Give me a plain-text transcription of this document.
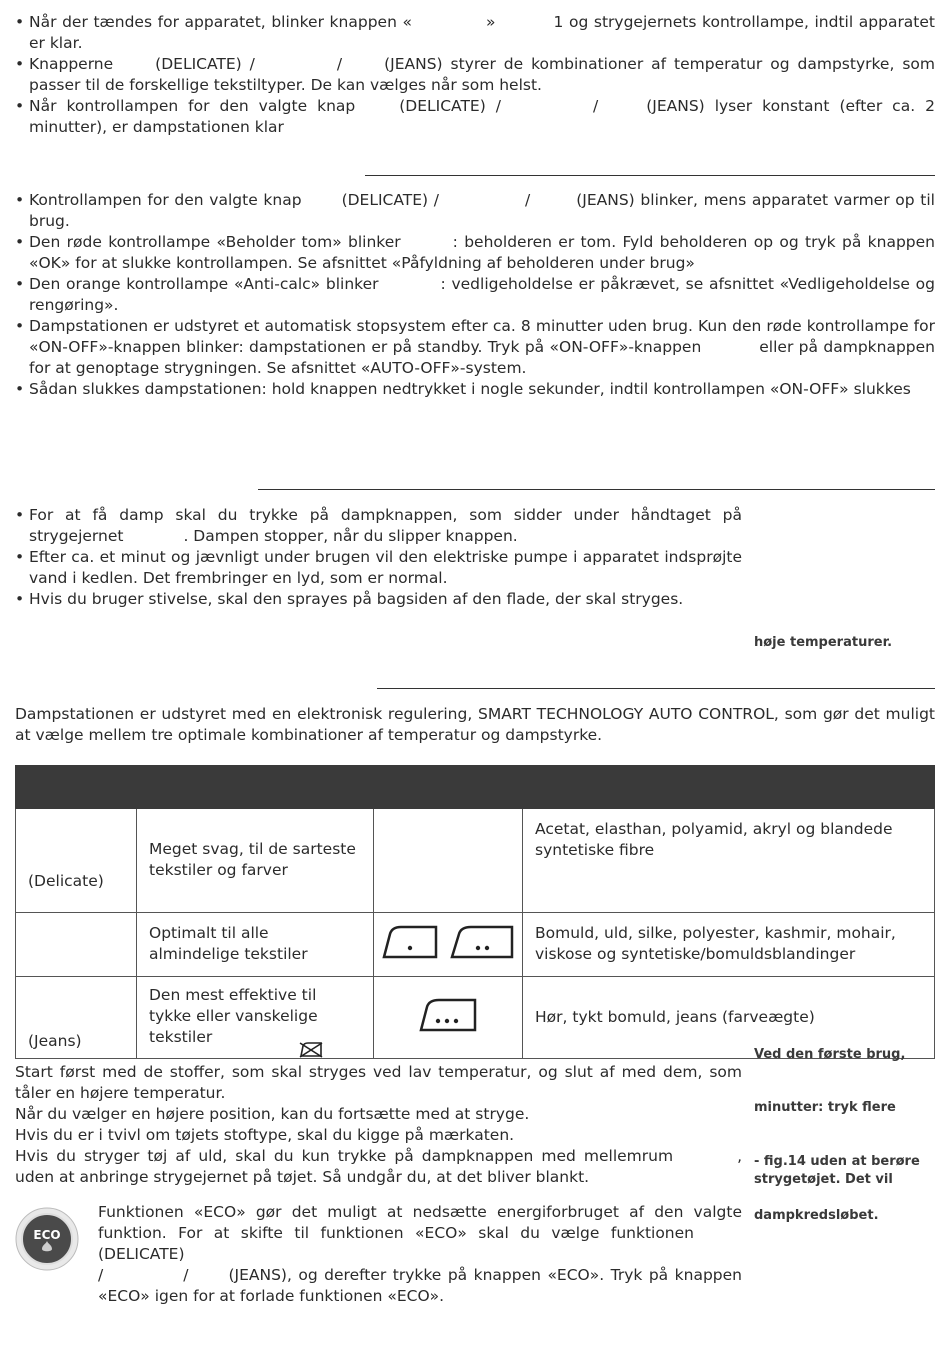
• Når der tændes for apparatet, blinker knappen «	»	1 og strygejernets kontrollampe, indtil apparatet er klar.
• Knapperne	(DELICATE) /	/	(JEANS) styrer de kombinationer af temperatur og dampstyrke, som passer til de forskellige tekstiltyper. De kan vælges når som helst.
• Når kontrollampen for den valgte knap	(DELICATE) /	/	(JEANS) lyser konstant (efter ca. 2 minutter), er dampstationen klar
• Kontrollampen for den valgte knap	(DELICATE) /	/	(JEANS) blinker, mens apparatet varmer op til brug.
• Den røde kontrollampe «Beholder tom» blinker	: beholderen er tom. Fyld beholderen op og tryk på knappen «OK» for at slukke kontrollampen. Se afsnittet «Påfyldning af beholderen under brug»
• Den orange kontrollampe «Anti-calc» blinker	: vedligeholdelse er påkrævet, se afsnittet «Vedligeholdelse og rengøring».
• Dampstationen er udstyret et automatisk stopsystem efter ca. 8 minutter uden brug. Kun den røde kontrollampe for «ON-OFF»-knappen blinker: dampstationen er på standby. Tryk på «ON-OFF»-knappen	eller på dampknappen for at genoptage strygningen. Se afsnittet «AUTO-OFF»-system.
• Sådan slukkes dampstationen: hold knappen nedtrykket i nogle sekunder, indtil kontrollampen «ON-OFF» slukkes
• For at få damp skal du trykke på dampknappen, som sidder under håndtaget på strygejernet	. Dampen stopper, når du slipper knappen.
• Efter ca. et minut og jævnligt under brugen vil den elektriske pumpe i apparatet indsprøjte vand i kedlen. Det frembringer en lyd, som er normal.
• Hvis du bruger stivelse, skal den sprayes på bagsiden af den flade, der skal stryges.
høje temperaturer.
Dampstationen er udstyret med en elektronisk regulering, SMART TECHNOLOGY AUTO CONTROL, som gør det muligt at vælge mellem tre optimale kombinationer af temperatur og dampstyrke.

(Delicate)	Meget svag, til de sarteste tekstiler og farver		Acetat, elasthan, polyamid, akryl og blandede syntetiske fibre
	Optimalt til alle almindelige tekstiler		Bomuld, uld, silke, polyester, kashmir, mohair, viskose og syntetiske/bomuldsblandinger
(Jeans)	Den mest effektive til tykke eller vanskelige tekstiler		Hør, tykt bomuld, jeans (farveægte)
Start først med de stoffer, som skal stryges ved lav temperatur, og slut af med dem, som tåler en højere temperatur.
Når du vælger en højere position, kan du fortsætte med at stryge.
Hvis du er i tvivl om tøjets stoftype, skal du kigge på mærkaten.
Hvis du stryger tøj af uld, skal du kun trykke på dampknappen med mellemrum	, uden at anbringe strygejernet på tøjet. Så undgår du, at det bliver blankt.
Ved den første brug,
minutter: tryk flere
- fig.14 uden at berøre strygetøjet. Det vil
dampkredsløbet.
ECO
Funktionen «ECO» gør det muligt at nedsætte energiforbruget af den valgte funktion. For at skifte til funktionen «ECO» skal du vælge funktionen(DELICATE)
/	/	(JEANS), og derefter trykke på knappen «ECO». Tryk på knappen «ECO» igen for at forlade funktionen «ECO».
